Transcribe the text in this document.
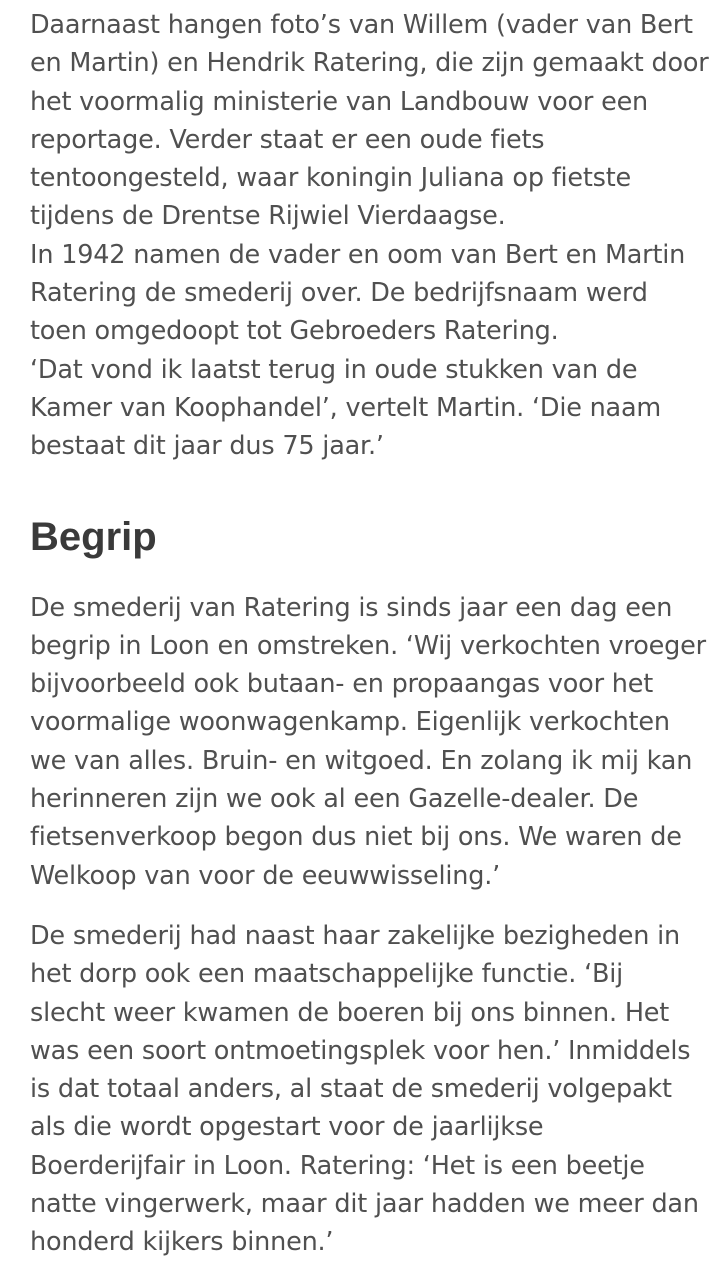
Daarnaast hangen foto’s van Willem (vader van Bert
en Martin) en Hendrik Ratering, die zijn gemaakt door
het voormalig ministerie van Landbouw voor een
reportage. Verder staat er een oude fiets
tentoongesteld, waar koningin Juliana op fietste
tijdens de Drentse Rijwiel Vierdaagse.
In 1942 namen de vader en oom van Bert en Martin
Ratering de smederij over. De bedrijfsnaam werd
toen omgedoopt tot Gebroeders Ratering.
‘Dat vond ik laatst terug in oude stukken van de
Kamer van Koophandel’, vertelt Martin. ‘Die naam
bestaat dit jaar dus 75 jaar.’

Begrip

De smederij van Ratering is sinds jaar een dag een
begrip in Loon en omstreken. ‘Wij verkochten vroeger
bijvoorbeeld ook butaan- en propaangas voor het
voormalige woonwagenkamp. Eigenlijk verkochten
we van alles. Bruin- en witgoed. En zolang ik mij kan
herinneren zijn we ook al een Gazelle-dealer. De
fietsenverkoop begon dus niet bij ons. We waren de
Welkoop van voor de eeuwwisseling.’

De smederij had naast haar zakelijke bezigheden in
het dorp ook een maatschappelijke functie. ‘Bij
slecht weer kwamen de boeren bij ons binnen. Het
was een soort ontmoetingsplek voor hen.’ Inmiddels
is dat totaal anders, al staat de smederij volgepakt
als die wordt opgestart voor de jaarlijkse
Boerderijfair in Loon. Ratering: ‘Het is een beetje
natte vingerwerk, maar dit jaar hadden we meer dan
honderd kijkers binnen.’
